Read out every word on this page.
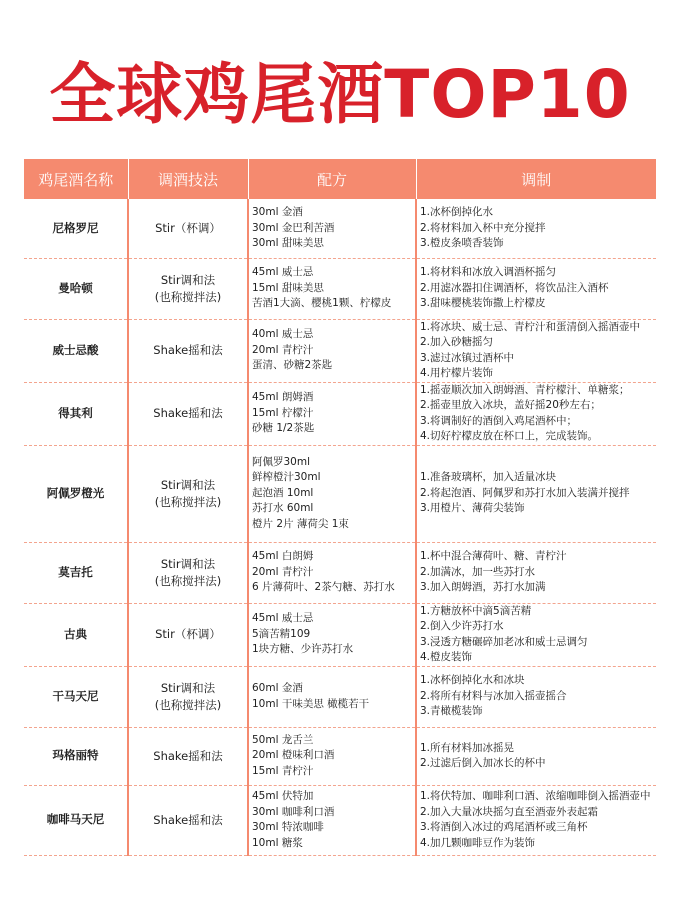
全球鸡尾酒TOP10
鸡尾酒名称	调酒技法	配方	调制
尼格罗尼	Stir（杯调）	30ml 金酒
30ml 金巴利苦酒
30ml 甜味美思	1.冰杯倒掉化水
2.将材料加入杯中充分搅拌
3.橙皮条喷香装饰

曼哈顿	Stir调和法
(也称搅拌法)	45ml 威士忌
15ml 甜味美思
苦酒1大滴、樱桃1颗、柠檬皮	1.将材料和冰放入调酒杯摇匀
2.用滤冰器扣住调酒杯，将饮品注入酒杯
3.甜味樱桃装饰撒上柠檬皮

威士忌酸	Shake摇和法	40ml 威士忌
20ml 青柠汁
蛋清、砂糖2茶匙	1.将冰块、威士忌、青柠汁和蛋清倒入摇酒壶中
2.加入砂糖摇匀
3.滤过冰镇过酒杯中
4.用柠檬片装饰

得其利	Shake摇和法	45ml 朗姆酒
15ml 柠檬汁
砂糖 1/2茶匙	1.摇壶顺次加入朗姆酒、青柠檬汁、单糖浆；
2.摇壶里放入冰块，盖好摇20秒左右；
3.将调制好的酒倒入鸡尾酒杯中；
4.切好柠檬皮放在杯口上，完成装饰。

阿佩罗橙光	Stir调和法
(也称搅拌法)	阿佩罗30ml
鲜榨橙汁30ml
起泡酒 10ml
苏打水 60ml
橙片 2片 薄荷尖 1束	1.准备玻璃杯，加入适量冰块
2.将起泡酒、阿佩罗和苏打水加入装满并搅拌
3.用橙片、薄荷尖装饰

莫吉托	Stir调和法
(也称搅拌法)	45ml 白朗姆
20ml 青柠汁
6 片薄荷叶、2茶勺糖、苏打水	1.杯中混合薄荷叶、糖、青柠汁
2.加满冰，加一些苏打水
3.加入朗姆酒，苏打水加满

古典	Stir（杯调）	45ml 威士忌
5滴苦精109
1块方糖、少许苏打水	1.方糖放杯中滴5滴苦精
2.倒入少许苏打水
3.浸透方糖碾碎加老冰和威士忌调匀
4.橙皮装饰

干马天尼	Stir调和法
(也称搅拌法)	60ml 金酒
10ml 干味美思 橄榄若干	1.冰杯倒掉化水和冰块
2.将所有材料与冰加入摇壶摇合
3.青橄榄装饰

玛格丽特	Shake摇和法	50ml 龙舌兰
20ml 橙味利口酒
15ml 青柠汁	1.所有材料加冰摇晃
2.过滤后倒入加冰长的杯中

咖啡马天尼	Shake摇和法	45ml 伏特加
30ml 咖啡利口酒
30ml 特浓咖啡
10ml 糖浆	1.将伏特加、咖啡利口酒、浓缩咖啡倒入摇酒壶中
2.加入大量冰块摇匀直至酒壶外表起霜
3.将酒倒入冰过的鸡尾酒杯或三角杯
4.加几颗咖啡豆作为装饰
